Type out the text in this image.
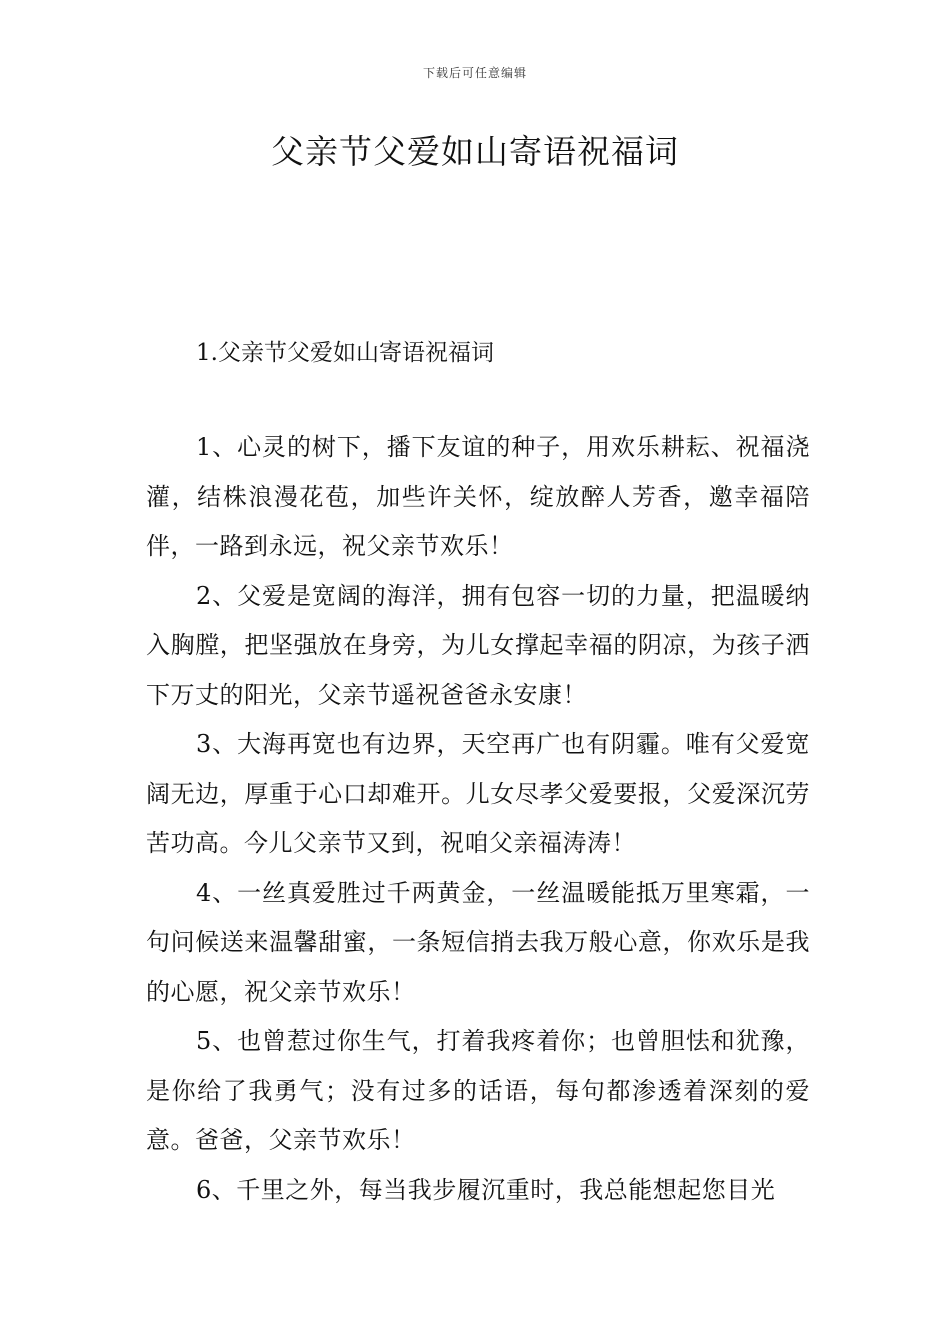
下载后可任意编辑
父亲节父爱如山寄语祝福词
1.父亲节父爱如山寄语祝福词

1、心灵的树下，播下友谊的种子，用欢乐耕耘、祝福浇灌，结株浪漫花苞，加些许关怀，绽放醉人芳香，邀幸福陪伴，一路到永远，祝父亲节欢乐！

2、父爱是宽阔的海洋，拥有包容一切的力量，把温暖纳入胸膛，把坚强放在身旁，为儿女撑起幸福的阴凉，为孩子洒下万丈的阳光，父亲节遥祝爸爸永安康！

3、大海再宽也有边界，天空再广也有阴霾。唯有父爱宽阔无边，厚重于心口却难开。儿女尽孝父爱要报，父爱深沉劳苦功高。今儿父亲节又到，祝咱父亲福涛涛！

4、一丝真爱胜过千两黄金，一丝温暖能抵万里寒霜，一句问候送来温馨甜蜜，一条短信捎去我万般心意，你欢乐是我的心愿，祝父亲节欢乐！

5、也曾惹过你生气，打着我疼着你；也曾胆怯和犹豫，是你给了我勇气；没有过多的话语，每句都渗透着深刻的爱意。爸爸，父亲节欢乐！

6、千里之外，每当我步履沉重时，我总能想起您目光
